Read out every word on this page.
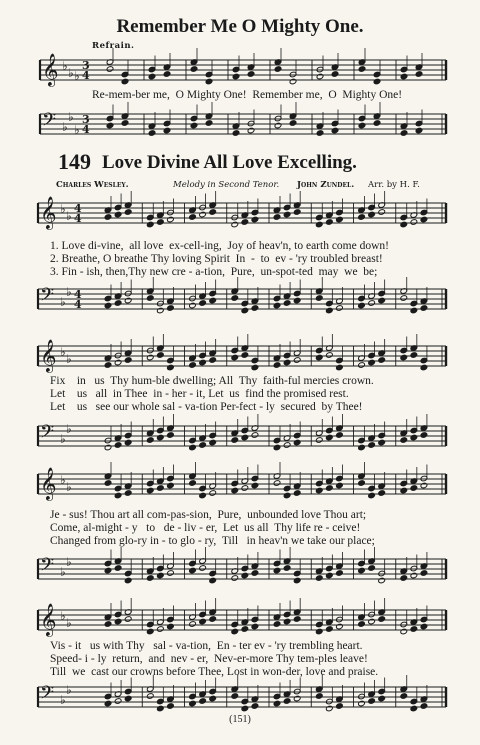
Remember Me O Mighty One.
Refrain.
𝄞 ♭ ♭ ♭
3
4
Re-mem-ber me,  O Mighty One!  Remember me,  O  Mighty One!
𝄢 ♭
♭
♭
3
4
149 Love Divine All Love Excelling.
Charles Wesley.	Melody in Second Tenor. John Zundel. Arr. by H. F.
𝄞 ♭ ♭
4
4
1. Love di-vine,  all love  ex-cell-ing,  Joy of heav'n, to earth come down!
2. Breathe, O breathe Thy loving Spirit  In  -  to  ev - 'ry troubled breast!
3. Fin - ish, then,Thy new cre - a-tion,  Pure,  un-spot-ted  may  we  be;
𝄢 ♭
♭ 4
4
𝄞 ♭ ♭
Fix    in   us  Thy hum-ble dwelling; All  Thy  faith-ful mercies crown.
Let    us   all  in Thee  in - her - it, Let  us  find the promised rest.
Let    us   see our whole sal - va-tion Per-fect - ly  secured  by Thee!
𝄢 ♭
♭
𝄞 ♭ ♭
Je - sus! Thou art all com-pas-sion,  Pure,  unbounded love Thou art;
Come, al-might - y   to   de - liv - er,  Let  us all  Thy life re - ceive!
Changed from glo-ry in - to glo - ry,  Till   in heav'n we take our place;
𝄢 ♭
♭
𝄞 ♭ ♭
Vis - it   us with Thy   sal - va-tion,  En - ter ev - 'ry trembling heart.
Speed- i - ly  return,  and  nev - er,  Nev-er-more Thy tem-ples leave!
Till  we  cast our crowns before Thee, Lost in won-der, love and praise.
𝄢 ♭
♭
(151)
